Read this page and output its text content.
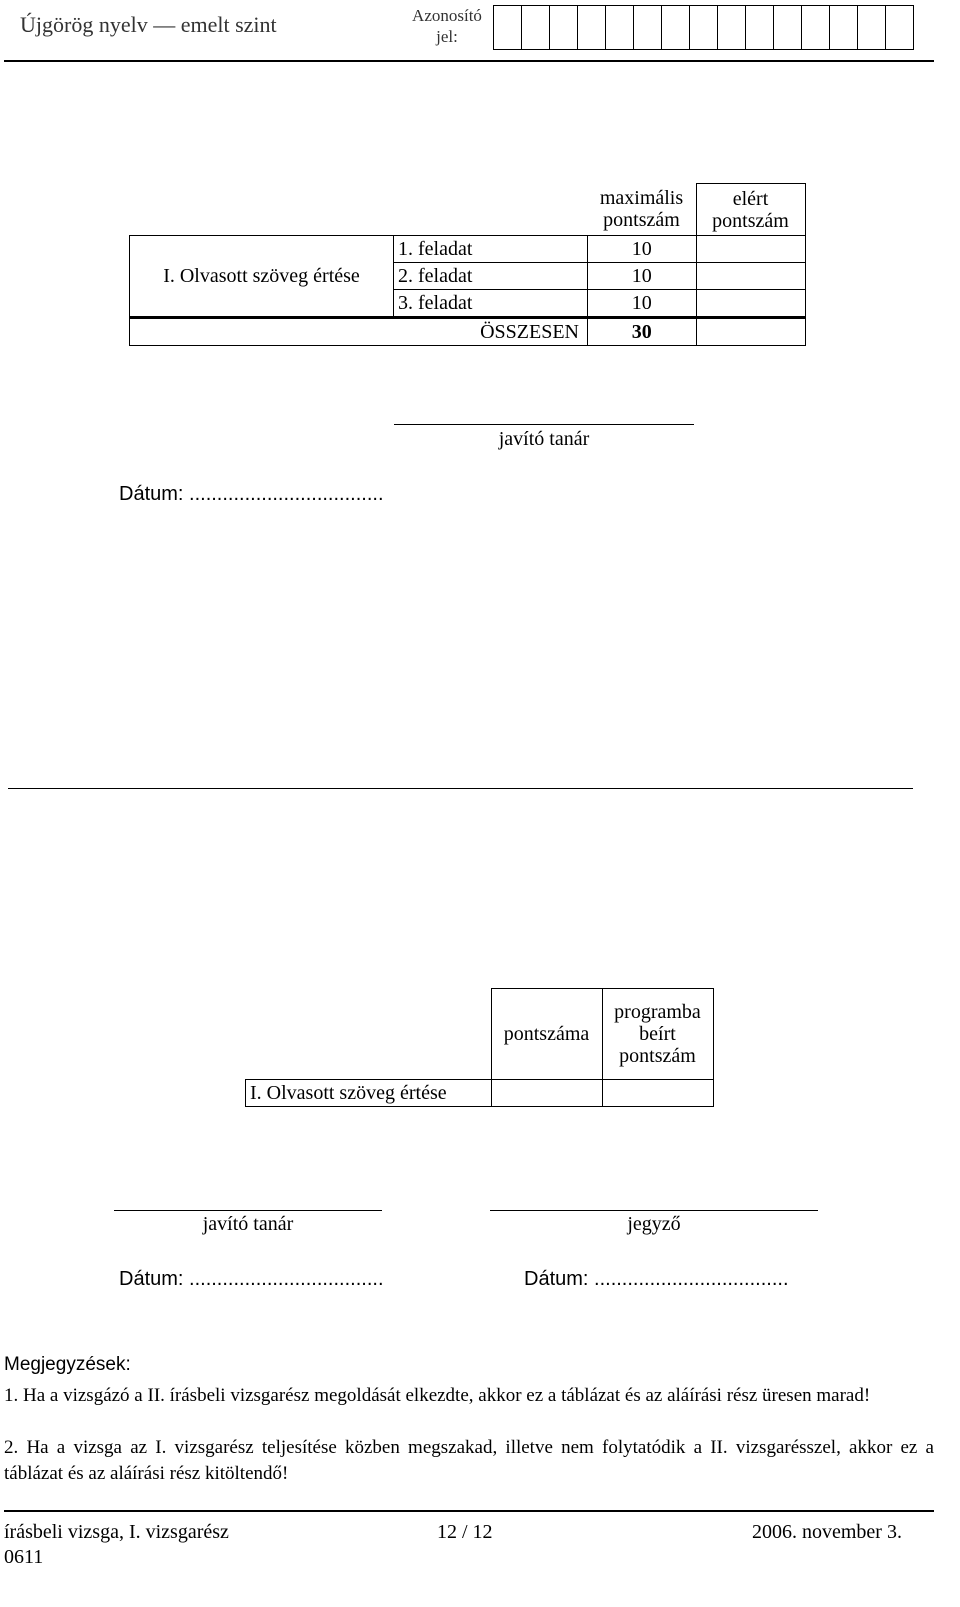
Újgörög nyelv — emelt szint	Azonosító jel:
		maximális pontszám	elért pontszám
I. Olvasott szöveg értése	1. feladat	10	
	2. feladat	10	
	3. feladat	10	
ÖSSZESEN		30	
javító tanár
Dátum: ...................................
	pontszáma	programba beírt pontszám
I. Olvasott szöveg értése		
javító tanár	jegyző
Dátum: ...................................	Dátum: ...................................
Megjegyzések:
1. Ha a vizsgázó a II. írásbeli vizsgarész megoldását elkezdte, akkor ez a táblázat és az aláírási rész üresen marad!
2. Ha a vizsga az I. vizsgarész teljesítése közben megszakad, illetve nem folytatódik a II. vizsgarésszel, akkor ez a táblázat és az aláírási rész kitöltendő!
írásbeli vizsga, I. vizsgarész	12 / 12	2006. november 3.
0611
